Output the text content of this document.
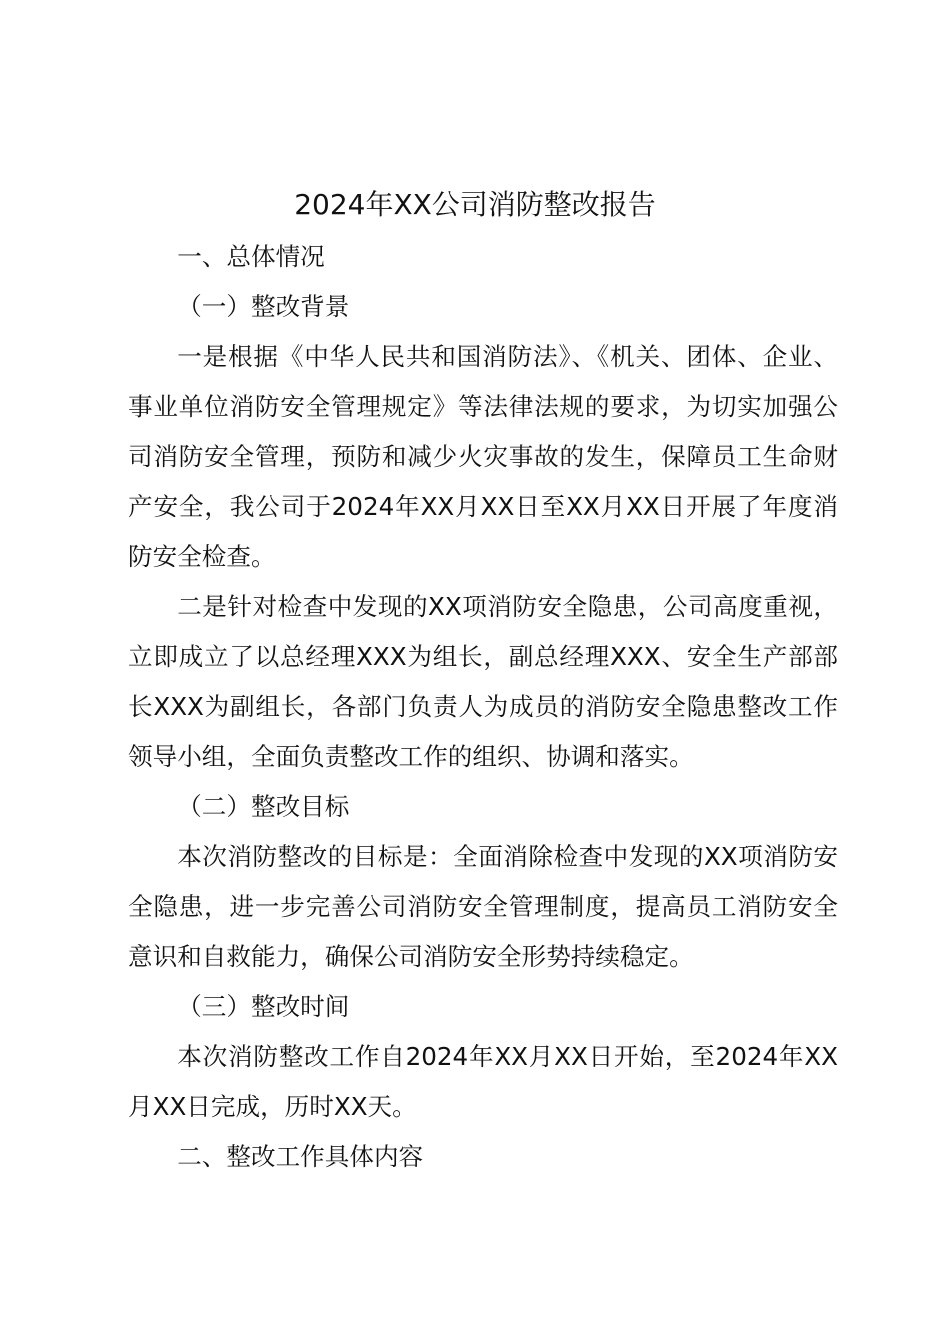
2024年XX公司消防整改报告

一、总体情况

（一）整改背景

一是根据《中华人民共和国消防法》、《机关、团体、企业、事业单位消防安全管理规定》等法律法规的要求，为切实加强公司消防安全管理，预防和减少火灾事故的发生，保障员工生命财产安全，我公司于2024年XX月XX日至XX月XX日开展了年度消防安全检查。

二是针对检查中发现的XX项消防安全隐患，公司高度重视，立即成立了以总经理XXX为组长，副总经理XXX、安全生产部部长XXX为副组长，各部门负责人为成员的消防安全隐患整改工作领导小组，全面负责整改工作的组织、协调和落实。

（二）整改目标

本次消防整改的目标是：全面消除检查中发现的XX项消防安全隐患，进一步完善公司消防安全管理制度，提高员工消防安全意识和自救能力，确保公司消防安全形势持续稳定。

（三）整改时间

本次消防整改工作自2024年XX月XX日开始，至2024年XX月XX日完成，历时XX天。

二、整改工作具体内容
